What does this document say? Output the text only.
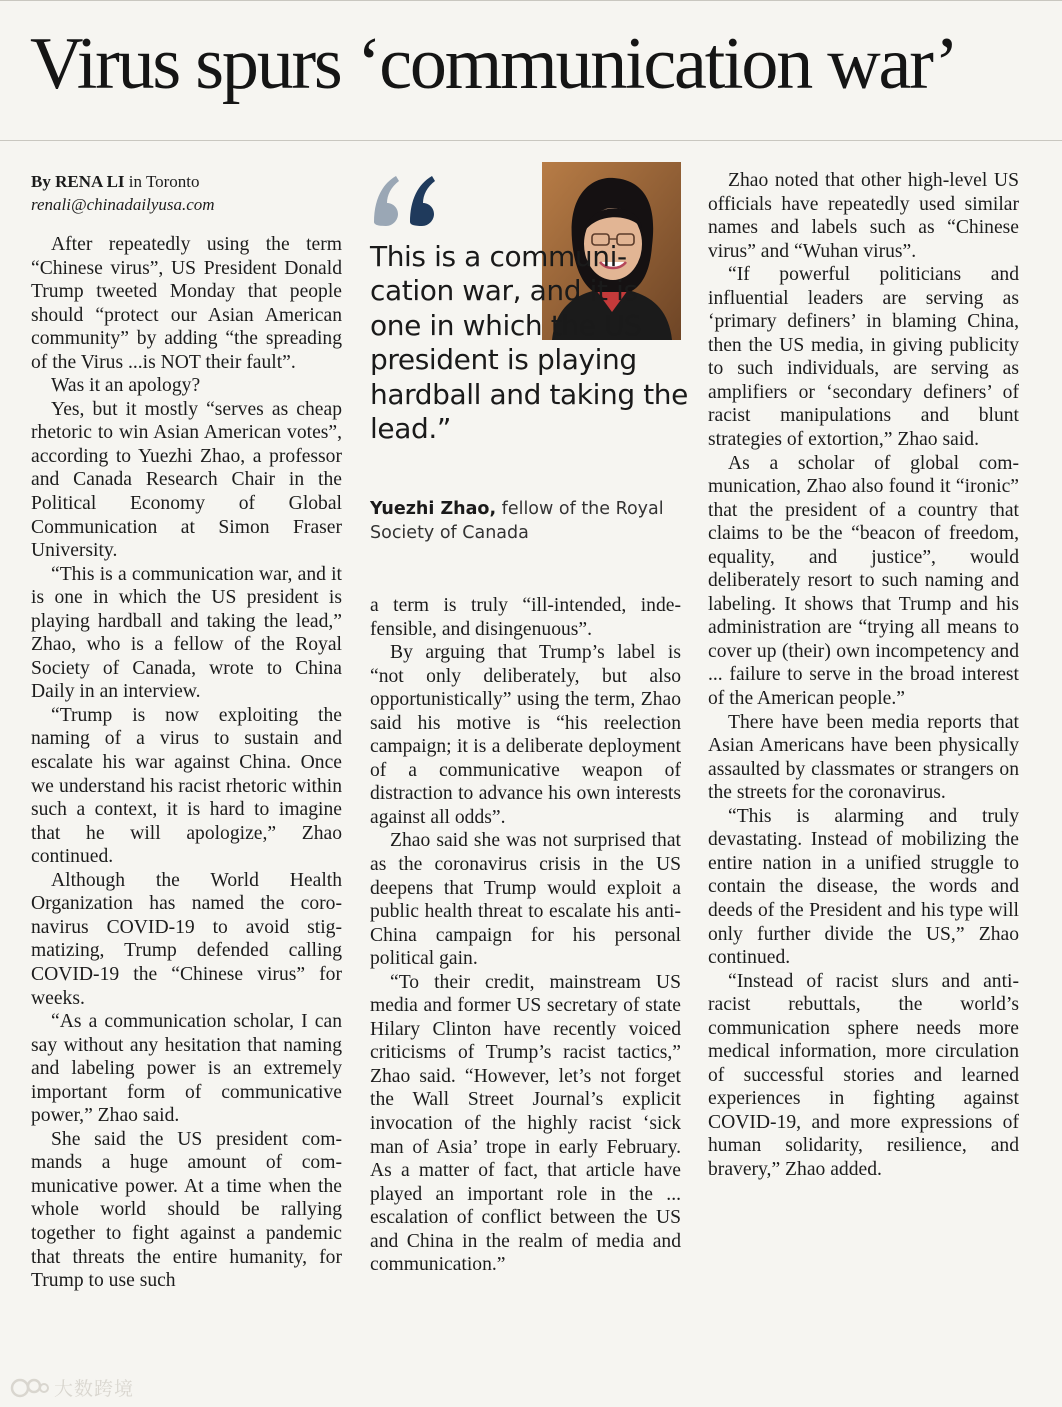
Virus spurs ‘communication war’
By RENA LI in Toronto
renali@chinadailyusa.com

After repeatedly using the term “Chinese virus”, US President Donald Trump tweeted Monday that people should “protect our Asian American community” by adding “the spreading of the Virus ...is NOT their fault”.

Was it an apology?

Yes, but it mostly “serves as cheap rhetoric to win Asian American votes”, according to Yuezhi Zhao, a professor and Canada Research Chair in the Political Economy of Global Communication at Simon Fraser University.

“This is a communication war, and it is one in which the US president is playing hardball and taking the lead,” Zhao, who is a fellow of the Royal Society of Canada, wrote to China Daily in an interview.

“Trump is now exploiting the naming of a virus to sustain and escalate his war against China. Once we understand his racist rhetoric within such a context, it is hard to imagine that he will apologize,” Zhao continued.

Although the World Health Organization has named the coronavirus COVID-19 to avoid stigmatizing, Trump defended calling COVID-19 the “Chinese virus” for weeks.

“As a communication scholar, I can say without any hesitation that naming and labeling power is an extremely important form of communicative power,” Zhao said.

She said the US president commands a huge amount of communicative power. At a time when the whole world should be rallying together to fight against a pandemic that threats the entire humanity, for Trump to use such

This is a communication war, and it is one in which the US president is playing hardball and taking the lead.”
Yuezhi Zhao, fellow of the Royal Society of Canada

a term is truly “ill-intended, indefensible, and disingenuous”.

By arguing that Trump’s label is “not only deliberately, but also opportunistically” using the term, Zhao said his motive is “his reelection campaign; it is a deliberate deployment of a communicative weapon of distraction to advance his own interests against all odds”.

Zhao said she was not surprised that as the coronavirus crisis in the US deepens that Trump would exploit a public health threat to escalate his anti-China campaign for his personal political gain.

“To their credit, mainstream US media and former US secretary of state Hilary Clinton have recently voiced criticisms of Trump’s racist tactics,” Zhao said. “However, let’s not forget the Wall Street Journal’s explicit invocation of the highly racist ‘sick man of Asia’ trope in early February. As a matter of fact, that article have played an important role in the ... escalation of conflict between the US and China in the realm of media and communication.”

Zhao noted that other high-level US officials have repeatedly used similar names and labels such as “Chinese virus” and “Wuhan virus”.

“If powerful politicians and influential leaders are serving as ‘primary definers’ in blaming China, then the US media, in giving publicity to such individuals, are serving as amplifiers or ‘secondary definers’ of racist manipulations and blunt strategies of extortion,” Zhao said.

As a scholar of global communication, Zhao also found it “ironic” that the president of a country that claims to be the “beacon of freedom, equality, and justice”, would deliberately resort to such naming and labeling. It shows that Trump and his administration are “trying all means to cover up (their) own incompetency and ... failure to serve in the broad interest of the American people.”

There have been media reports that Asian Americans have been physically assaulted by classmates or strangers on the streets for the coronavirus.

“This is alarming and truly devastating. Instead of mobilizing the entire nation in a unified struggle to contain the disease, the words and deeds of the President and his type will only further divide the US,” Zhao continued.

“Instead of racist slurs and anti-racist rebuttals, the world’s communication sphere needs more medical information, more circulation of successful stories and learned experiences in fighting against COVID-19, and more expressions of human solidarity, resilience, and bravery,” Zhao added.

大数跨境
